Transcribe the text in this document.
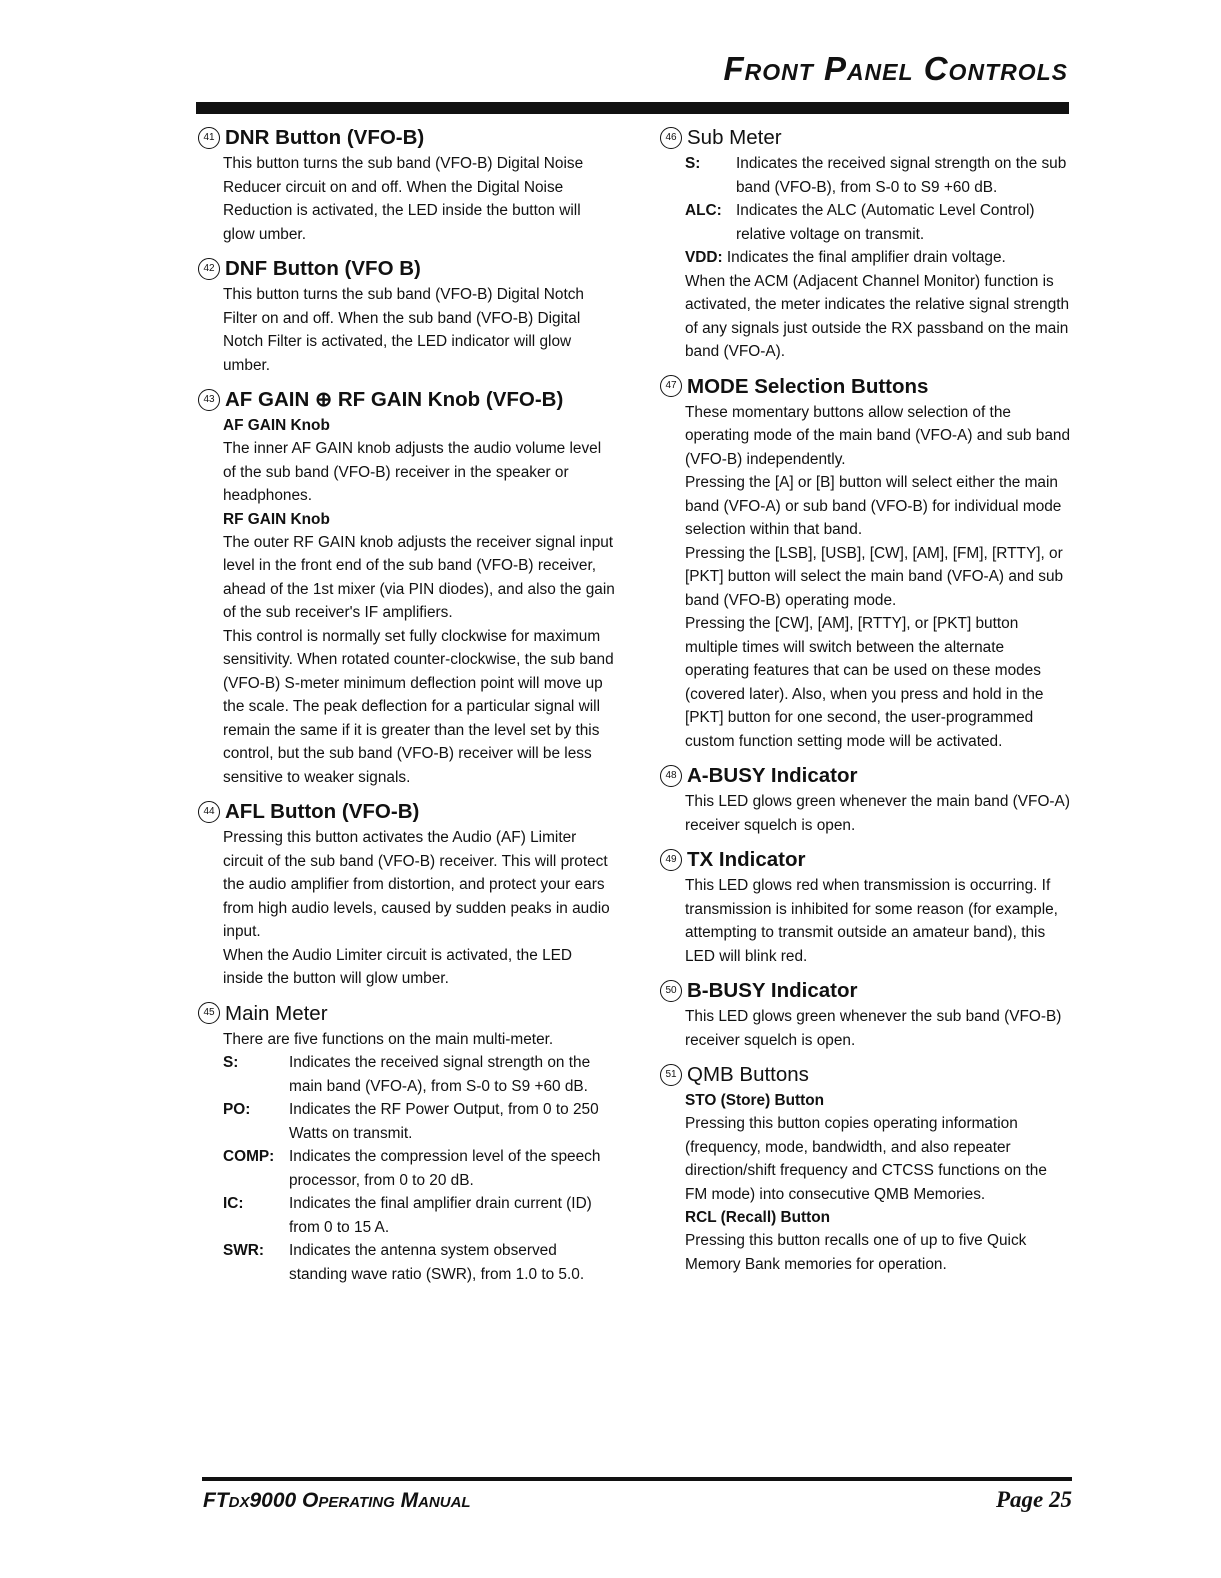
Front Panel Controls
41 DNR Button (VFO-B)

This button turns the sub band (VFO-B) Digital Noise Reducer circuit on and off. When the Digital Noise Reduction is activated, the LED inside the button will glow umber.

42 DNF Button (VFO B)

This button turns the sub band (VFO-B) Digital Notch Filter on and off. When the sub band (VFO-B) Digital Notch Filter is activated, the LED indicator will glow umber.

43 AF GAIN ⊕ RF GAIN Knob (VFO-B)

AF GAIN Knob

The inner AF GAIN knob adjusts the audio volume level of the sub band (VFO-B) receiver in the speaker or headphones.

RF GAIN Knob

The outer RF GAIN knob adjusts the receiver signal input level in the front end of the sub band (VFO-B) receiver, ahead of the 1st mixer (via PIN diodes), and also the gain of the sub receiver's IF amplifiers.

This control is normally set fully clockwise for maximum sensitivity. When rotated counter-clockwise, the sub band (VFO-B) S-meter minimum deflection point will move up the scale. The peak deflection for a particular signal will remain the same if it is greater than the level set by this control, but the sub band (VFO-B) receiver will be less sensitive to weaker signals.

44 AFL Button (VFO-B)

Pressing this button activates the Audio (AF) Limiter circuit of the sub band (VFO-B) receiver. This will protect the audio amplifier from distortion, and protect your ears from high audio levels, caused by sudden peaks in audio input.

When the Audio Limiter circuit is activated, the LED inside the button will glow umber.

45 Main Meter

There are five functions on the main multi-meter.

S:	Indicates the received signal strength on the main band (VFO-A), from S-0 to S9 +60 dB.
PO:	Indicates the RF Power Output, from 0 to 250 Watts on transmit.
COMP: Indicates the compression level of the speech processor, from 0 to 20 dB.
IC:	Indicates the final amplifier drain current (ID) from 0 to 15 A.
SWR:	Indicates the antenna system observed standing wave ratio (SWR), from 1.0 to 5.0.
46 Sub Meter
S:	Indicates the received signal strength on the sub band (VFO-B), from S-0 to S9 +60 dB.
ALC: Indicates the ALC (Automatic Level Control) relative voltage on transmit.

VDD: Indicates the final amplifier drain voltage.

When the ACM (Adjacent Channel Monitor) function is activated, the meter indicates the relative signal strength of any signals just outside the RX passband on the main band (VFO-A).

47 MODE Selection Buttons

These momentary buttons allow selection of the operating mode of the main band (VFO-A) and sub band (VFO-B) independently.

Pressing the [A] or [B] button will select either the main band (VFO-A) or sub band (VFO-B) for individual mode selection within that band.

Pressing the [LSB], [USB], [CW], [AM], [FM], [RTTY], or [PKT] button will select the main band (VFO-A) and sub band (VFO-B) operating mode.

Pressing the [CW], [AM], [RTTY], or [PKT] button multiple times will switch between the alternate operating features that can be used on these modes (covered later). Also, when you press and hold in the [PKT] button for one second, the user-programmed custom function setting mode will be activated.

48 A-BUSY Indicator

This LED glows green whenever the main band (VFO-A) receiver squelch is open.

49 TX Indicator

This LED glows red when transmission is occurring. If transmission is inhibited for some reason (for example, attempting to transmit outside an amateur band), this LED will blink red.

50 B-BUSY Indicator

This LED glows green whenever the sub band (VFO-B) receiver squelch is open.

51 QMB Buttons

STO (Store) Button

Pressing this button copies operating information (frequency, mode, bandwidth, and also repeater direction/shift frequency and CTCSS functions on the FM mode) into consecutive QMB Memories.

RCL (Recall) Button

Pressing this button recalls one of up to five Quick Memory Bank memories for operation.

FTdx9000 Operating Manual	Page 25
